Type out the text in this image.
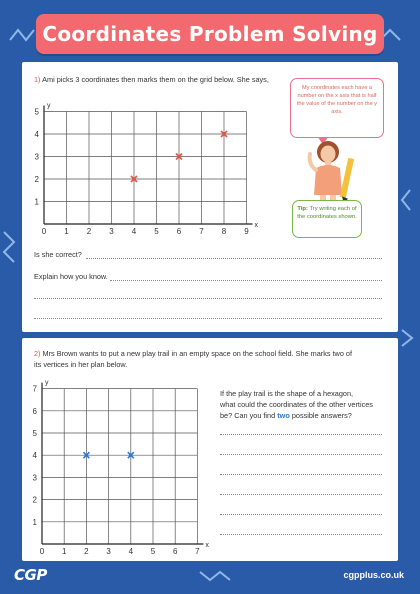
Coordinates Problem Solving
1) Ami picks 3 coordinates then marks them on the grid below. She says,
0 1 2 3 4 5 6 7 8 9
1
2
3
4
5
x
y
My coordinates each have a number on the x axis that is half the value of the number on the y axis.
Tip: Try writing each of the coordinates shown.
Is she correct?
Explain how you know.
2) Mrs Brown wants to put a new play trail in an empty space on the school field. She marks two of
its vertices in her plan below.
0 1 2 3 4 5 6 7
1
2
3
4
5
6
7
x
y
If the play trail is the shape of a hexagon,
what could the coordinates of the other vertices
be? Can you find two possible answers?
CGP	cgpplus.co.uk
